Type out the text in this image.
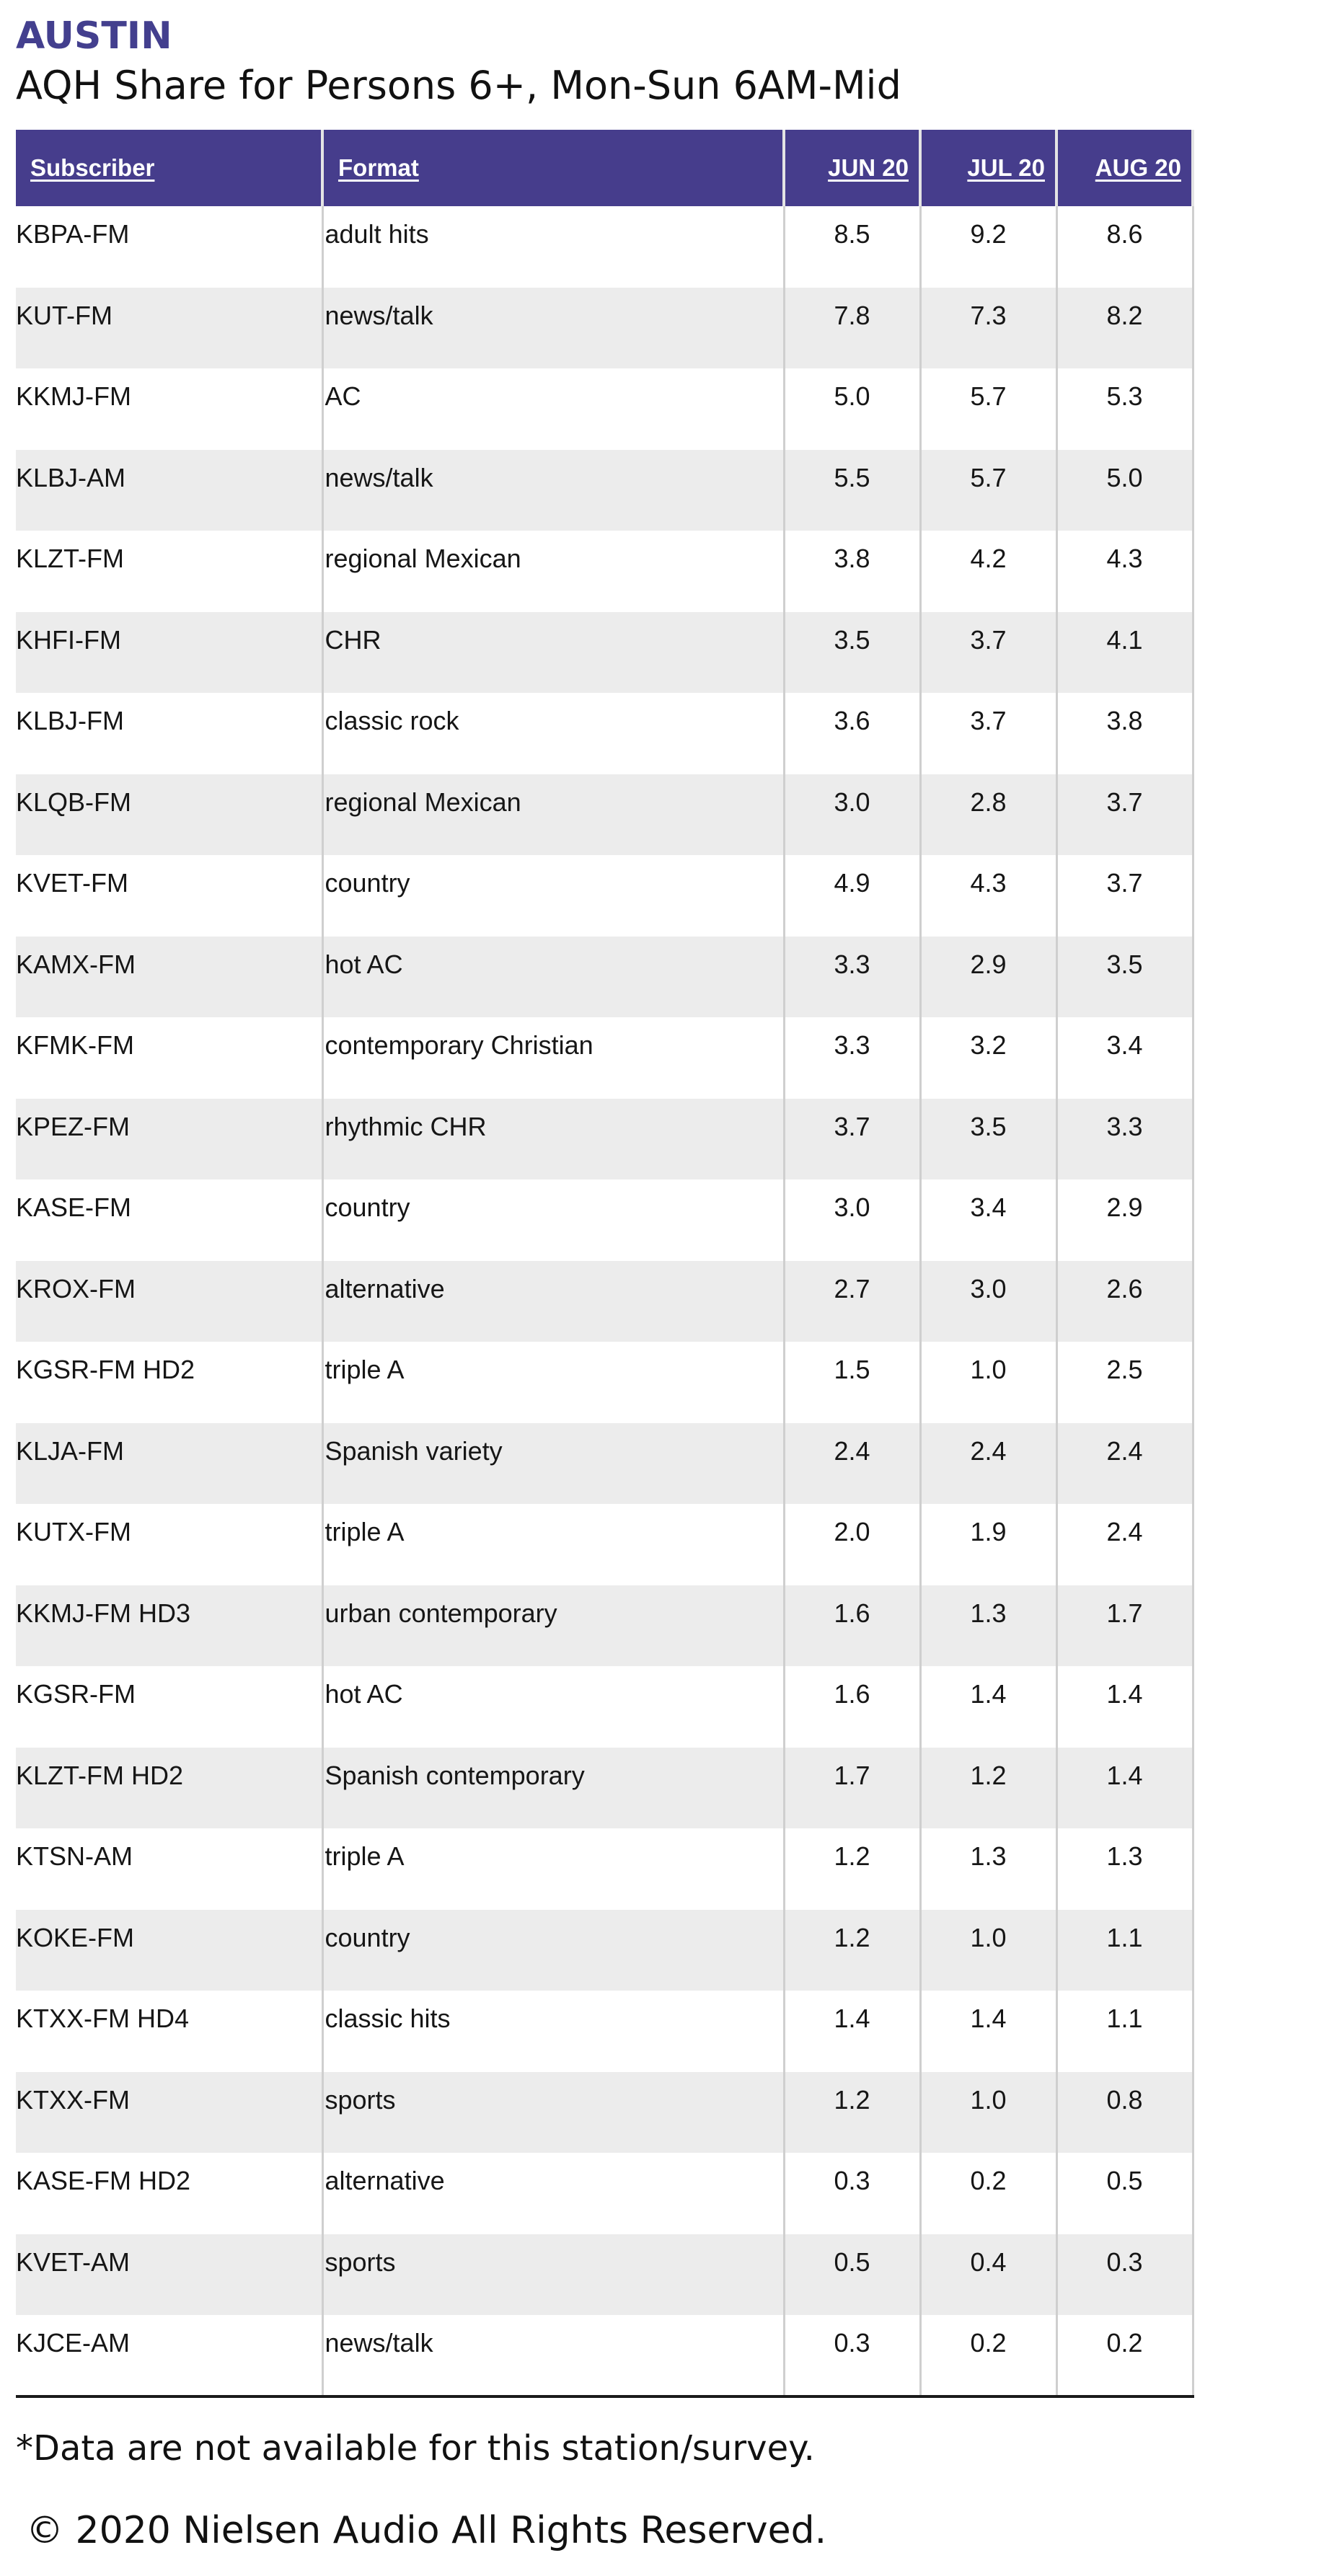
AUSTIN
AQH Share for Persons 6+, Mon-Sun 6AM-Mid
Subscriber	Format	JUN 20	JUL 20	AUG 20
KBPA-FM	adult hits	8.5	9.2	8.6
KUT-FM	news/talk	7.8	7.3	8.2
KKMJ-FM	AC	5.0	5.7	5.3
KLBJ-AM	news/talk	5.5	5.7	5.0
KLZT-FM	regional Mexican	3.8	4.2	4.3
KHFI-FM	CHR	3.5	3.7	4.1
KLBJ-FM	classic rock	3.6	3.7	3.8
KLQB-FM	regional Mexican	3.0	2.8	3.7
KVET-FM	country	4.9	4.3	3.7
KAMX-FM	hot AC	3.3	2.9	3.5
KFMK-FM	contemporary Christian	3.3	3.2	3.4
KPEZ-FM	rhythmic CHR	3.7	3.5	3.3
KASE-FM	country	3.0	3.4	2.9
KROX-FM	alternative	2.7	3.0	2.6
KGSR-FM HD2	triple A	1.5	1.0	2.5
KLJA-FM	Spanish variety	2.4	2.4	2.4
KUTX-FM	triple A	2.0	1.9	2.4
KKMJ-FM HD3	urban contemporary	1.6	1.3	1.7
KGSR-FM	hot AC	1.6	1.4	1.4
KLZT-FM HD2	Spanish contemporary	1.7	1.2	1.4
KTSN-AM	triple A	1.2	1.3	1.3
KOKE-FM	country	1.2	1.0	1.1
KTXX-FM HD4	classic hits	1.4	1.4	1.1
KTXX-FM	sports	1.2	1.0	0.8
KASE-FM HD2	alternative	0.3	0.2	0.5
KVET-AM	sports	0.5	0.4	0.3
KJCE-AM	news/talk	0.3	0.2	0.2

*Data are not available for this station/survey.

© 2020 Nielsen Audio All Rights Reserved.
